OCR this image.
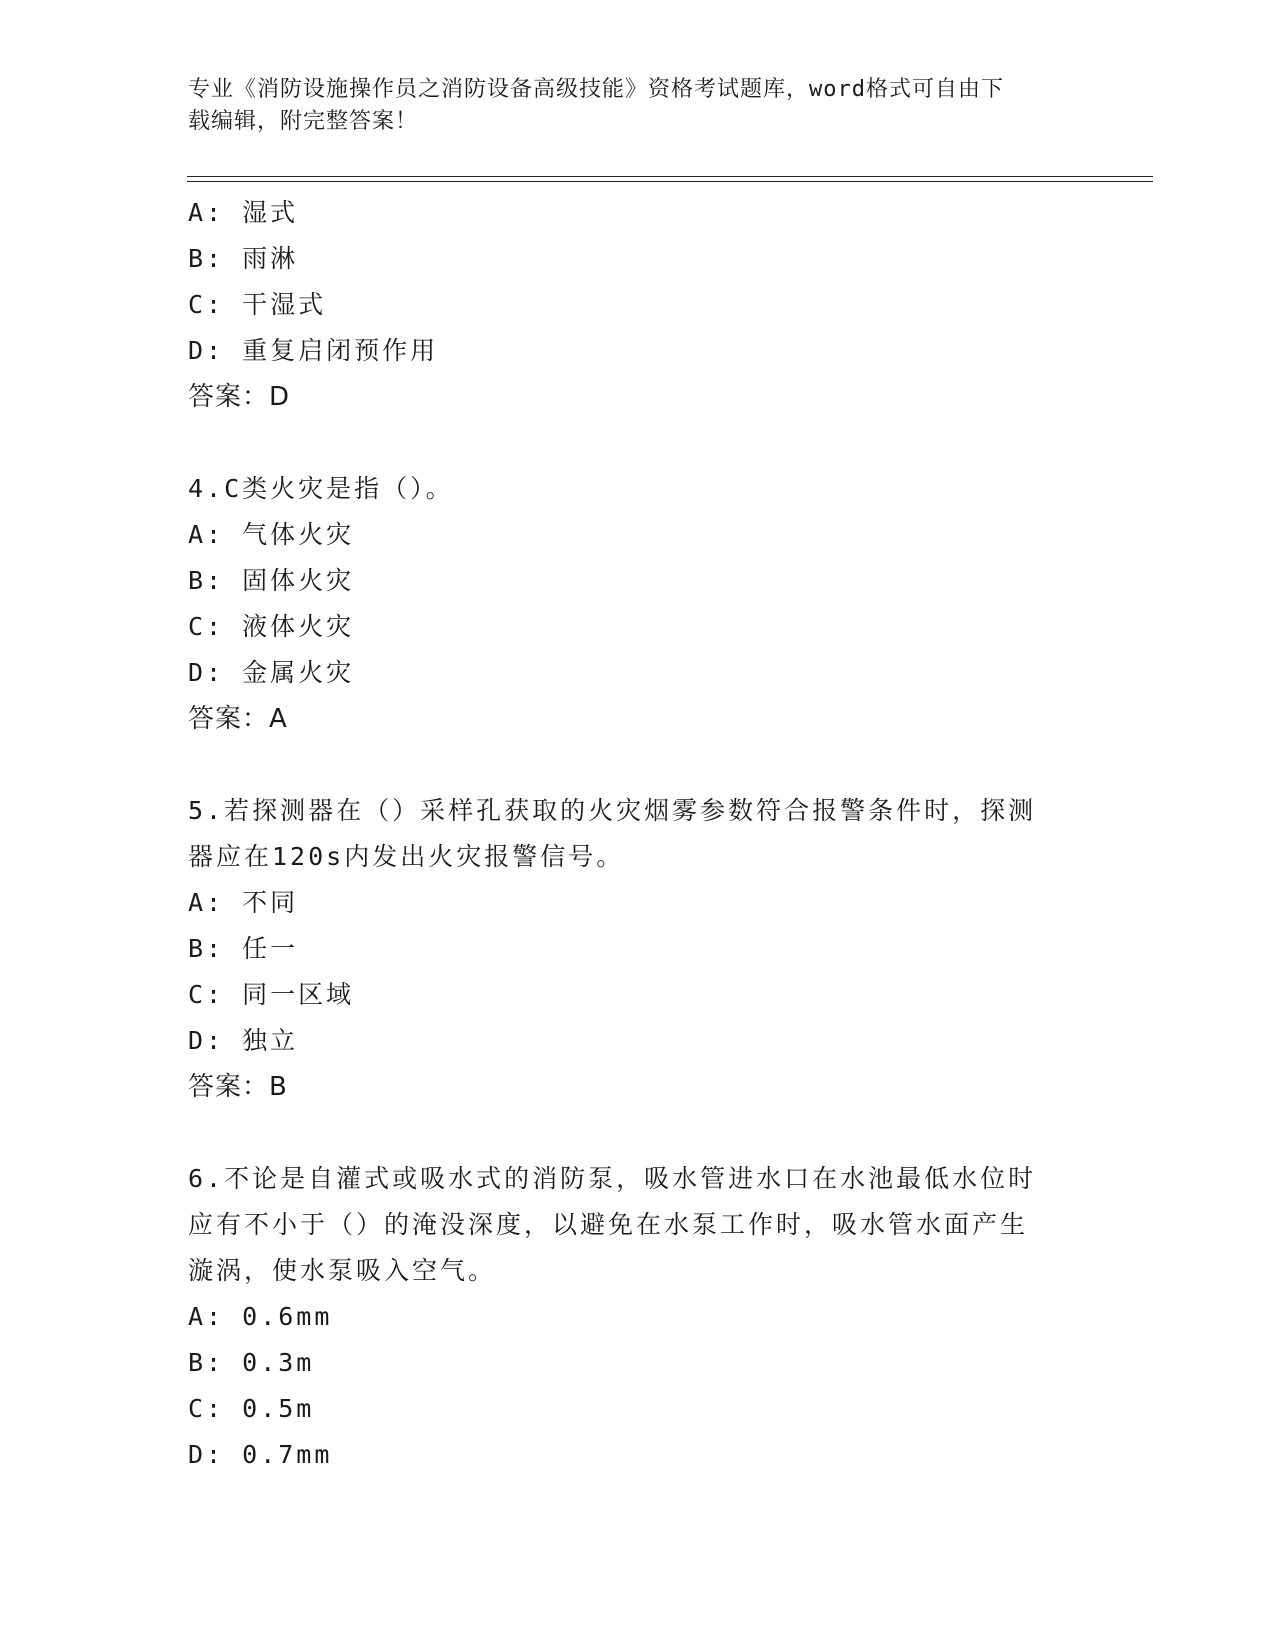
专业《消防设施操作员之消防设备高级技能》资格考试题库，word格式可自由下
载编辑，附完整答案！

A: 湿式

B: 雨淋

C: 干湿式

D: 重复启闭预作用

答案：D

4.C类火灾是指（）。

A: 气体火灾

B: 固体火灾

C: 液体火灾

D: 金属火灾

答案：A

5.若探测器在（）采样孔获取的火灾烟雾参数符合报警条件时，探测

器应在120s内发出火灾报警信号。

A: 不同

B: 任一

C: 同一区域

D: 独立

答案：B

6.不论是自灌式或吸水式的消防泵，吸水管进水口在水池最低水位时

应有不小于（）的淹没深度，以避免在水泵工作时，吸水管水面产生

漩涡，使水泵吸入空气。

A: 0.6mm

B: 0.3m

C: 0.5m

D: 0.7mm
